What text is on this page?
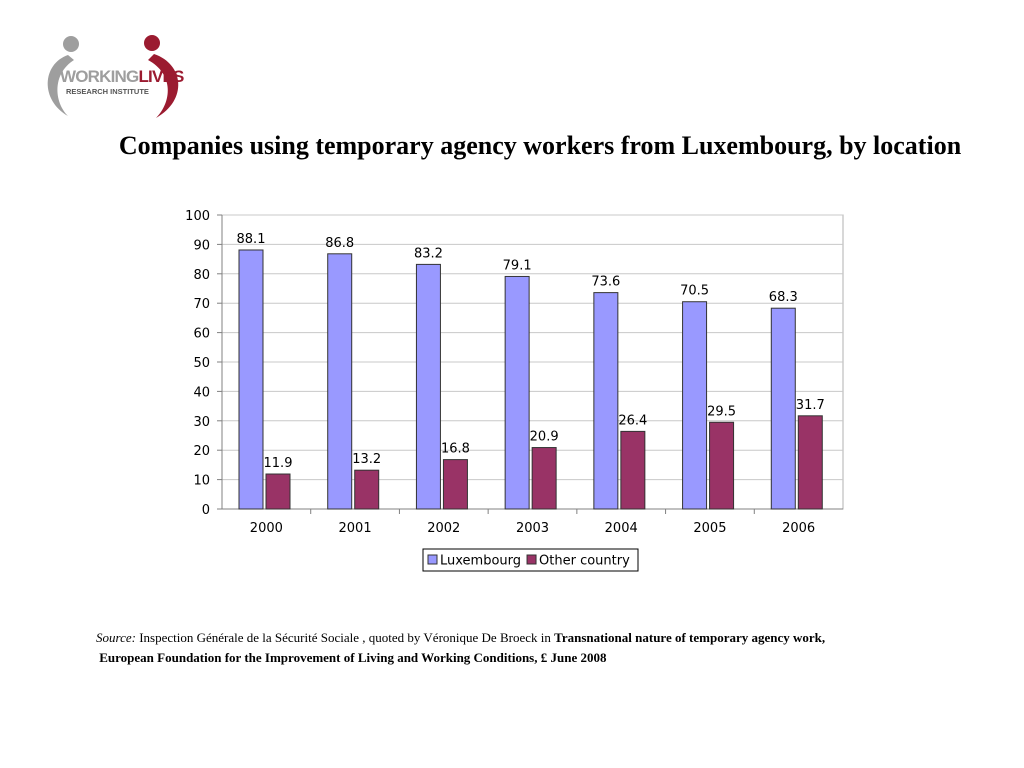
WORKINGLIVES
RESEARCH INSTITUTE
Companies using temporary agency workers from Luxembourg, by location
0
10
20
30
40
50
60
70
80
90
100
88.1
11.9
2000
86.8
13.2
2001
83.2
16.8
2002
79.1
20.9
2003
73.6
26.4
2004
70.5
29.5
2005
68.3
31.7
2006
Luxembourg Other country
Source: Inspection Générale de la Sécurité Sociale , quoted by Véronique De Broeck in Transnational nature of temporary agency work,
European Foundation for the Improvement of Living and Working Conditions, £ June 2008
